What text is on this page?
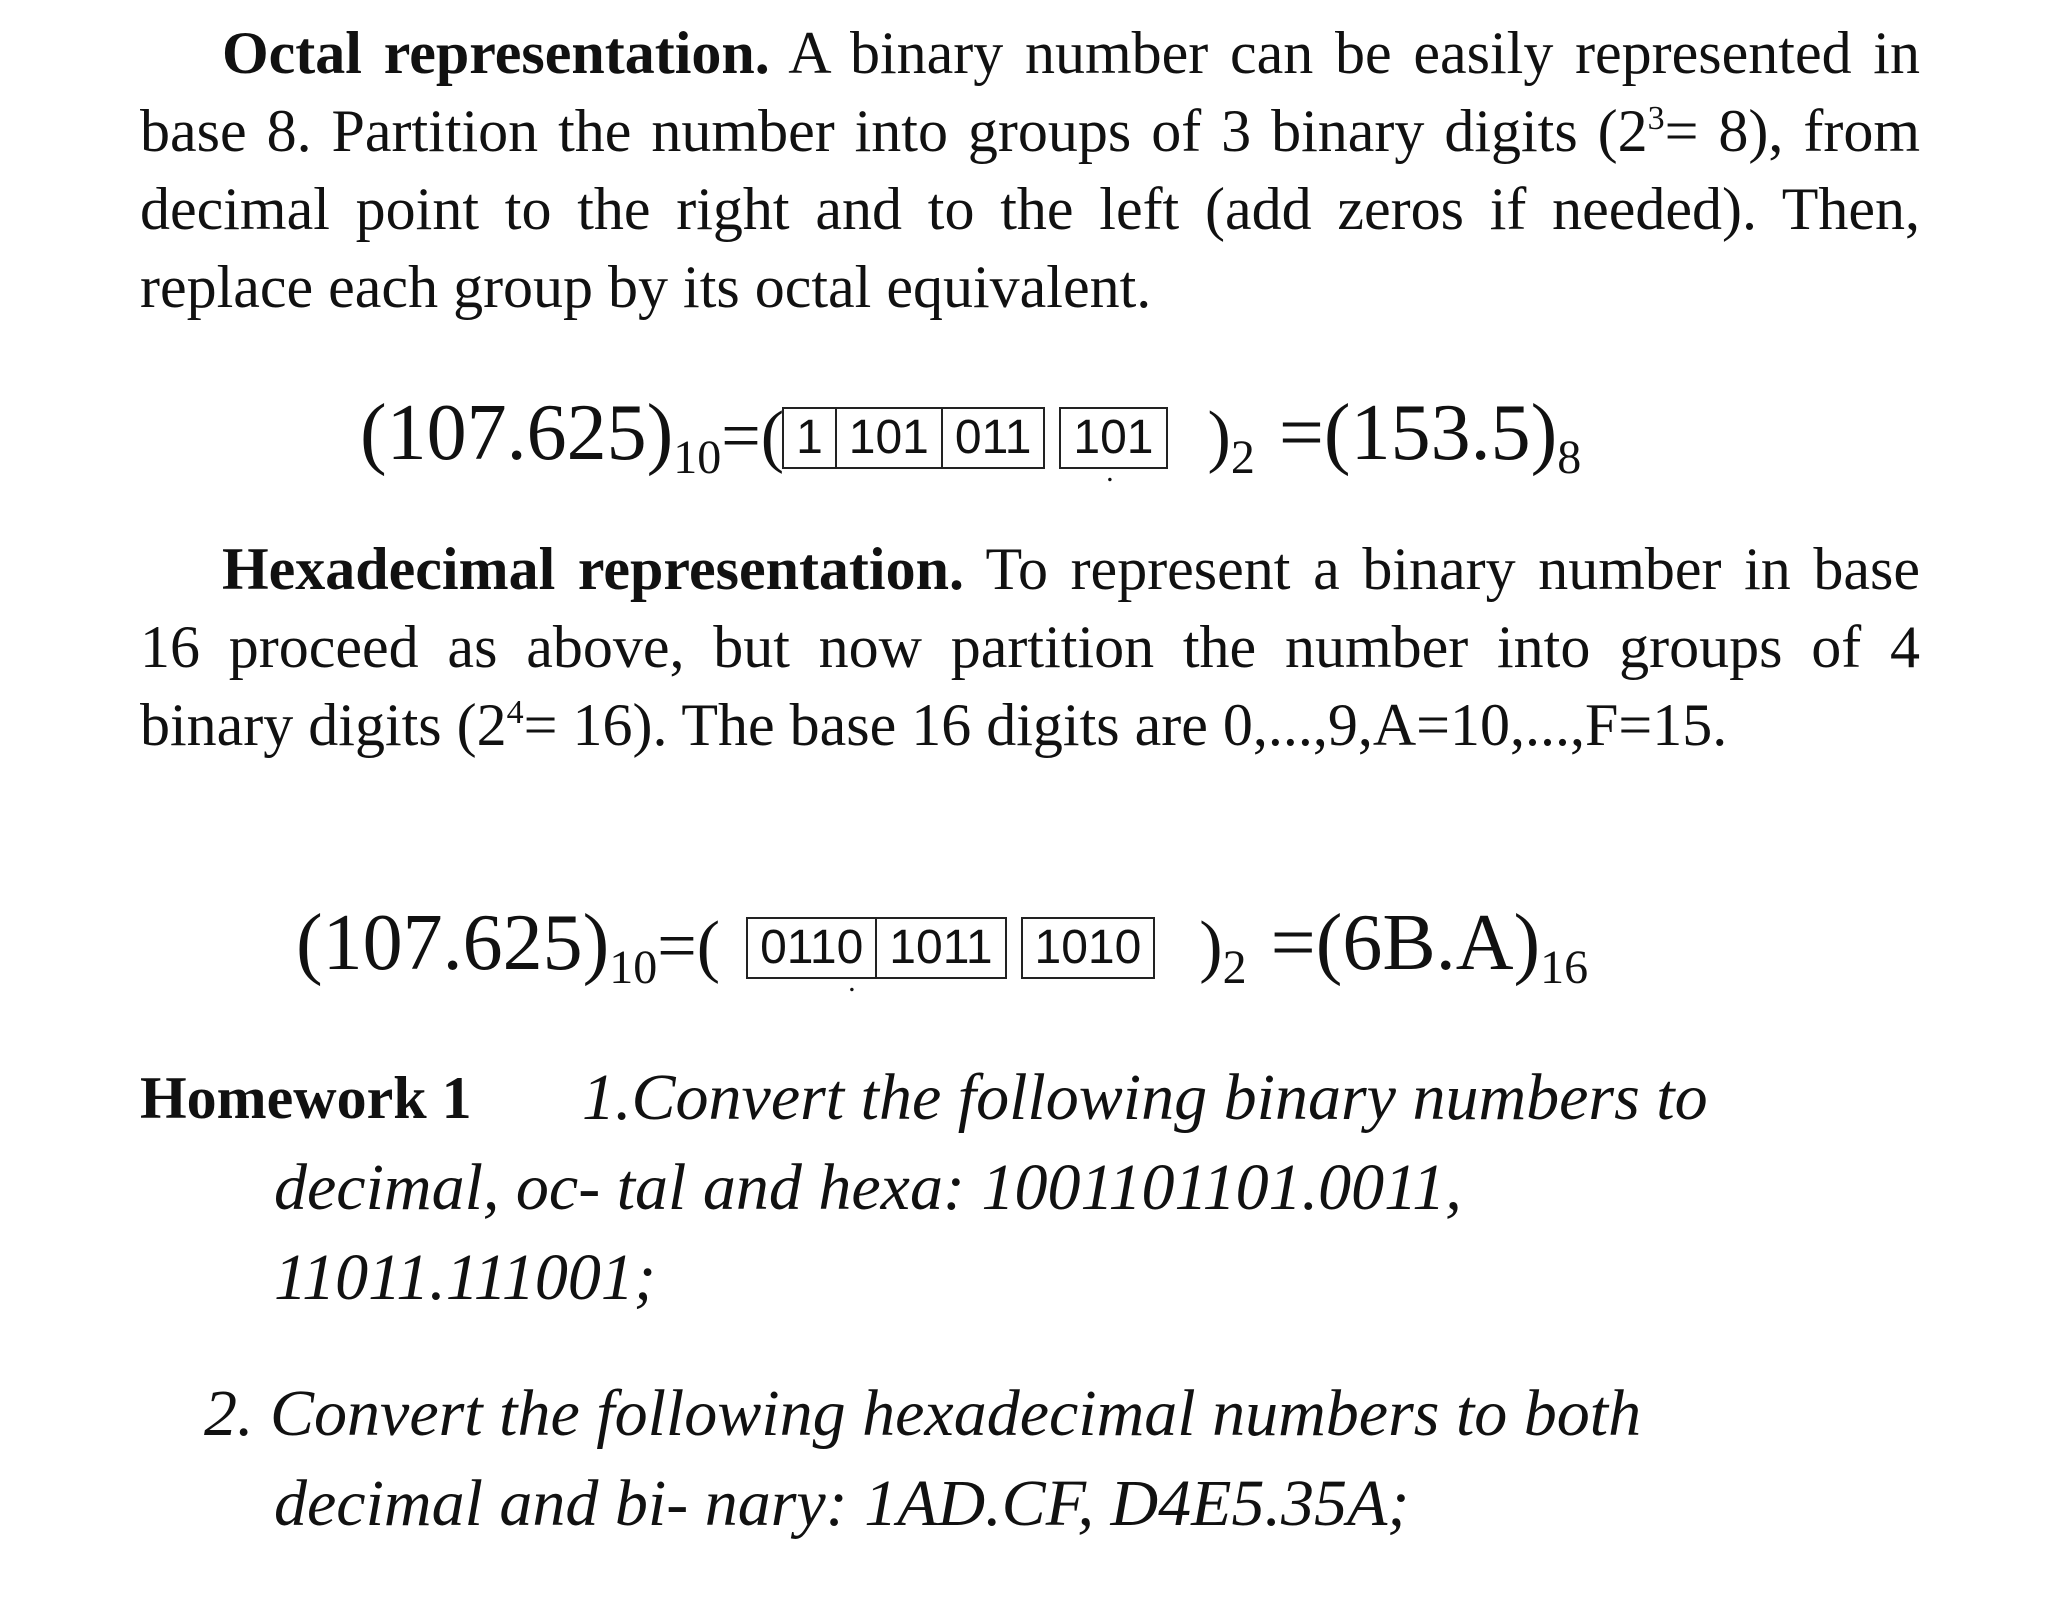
Octal representation. A binary number can be easily represented in base 8. Partition the number into groups of 3 binary digits $(2^3= 8)$, from decimal point to the right and to the left (add zeros if needed). Then, replace each group by its octal equivalent.

(107.625) 10 =( 1 101 011
.
101 ) 2 =(153.5) 8

Hexadecimal representation. To represent a binary number in base 16 proceed as above, but now partition the number into groups of 4 binary digits $(2^4= 16)$. The base 16 digits are 0,...,9,A=10,...,F=15.

(107.625) 10 =( 0110
.
1011 1010 ) 2 =(6B.A) 16
Homework 1 1.Convert the following binary numbers to

decimal, oc- tal and hexa: 1001101101.0011,

11011.111001;

2. Convert the following hexadecimal numbers to both

decimal and bi- nary: 1AD.CF, D4E5.35A;
